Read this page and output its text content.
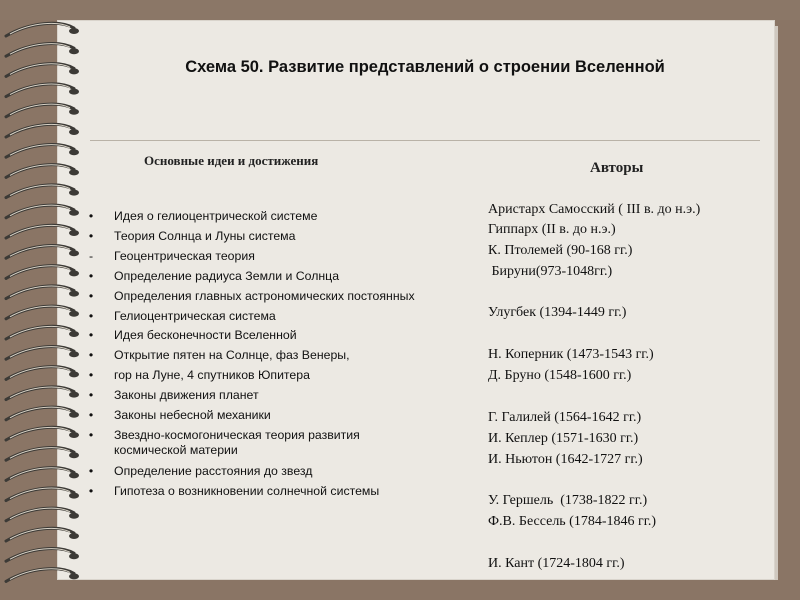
Схема 50. Развитие представлений о строении Вселенной
Основные идеи и достижения	Авторы
• Идея о гелиоцентрической системе
• Теория Солнца и Луны система
- Геоцентрическая теория
• Определение радиуса Земли и Солнца
• Определения главных астрономических постоянных
• Гелиоцентрическая система
• Идея бесконечности Вселенной
• Открытие пятен на Солнце, фаз Венеры,
• гор на Луне, 4 спутников Юпитера
• Законы движения планет
• Законы небесной механики
• Звездно-космогоническая теория развития
космической материи
• Определение расстояния до звезд
• Гипотеза о возникновении солнечной системы
Аристарх Самосский ( III в. до н.э.)
Гиппарх (II в. до н.э.)
К. Птолемей (90-168 гг.)
Бируни(973-1048гг.)
Улугбек (1394-1449 гг.)
Н. Коперник (1473-1543 гг.)
Д. Бруно (1548-1600 гг.)
Г. Галилей (1564-1642 гг.)
И. Кеплер (1571-1630 гг.)
И. Ньютон (1642-1727 гг.)
У. Гершель  (1738-1822 гг.)
Ф.В. Бессель (1784-1846 гг.)
И. Кант (1724-1804 гг.)
